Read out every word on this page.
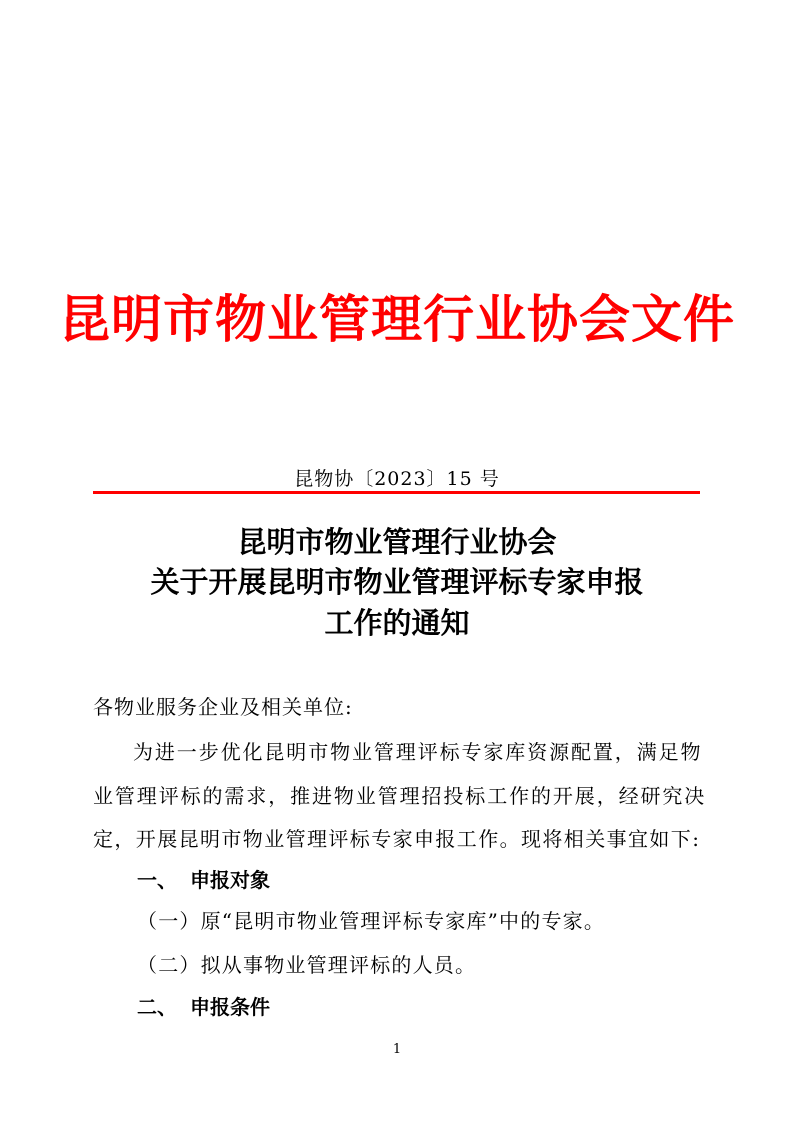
昆明市物业管理行业协会文件
昆物协〔2023〕15 号
昆明市物业管理行业协会
关于开展昆明市物业管理评标专家申报
工作的通知
各物业服务企业及相关单位:
为进一步优化昆明市物业管理评标专家库资源配置，满足物
业管理评标的需求，推进物业管理招投标工作的开展，经研究决
定，开展昆明市物业管理评标专家申报工作。现将相关事宜如下:
一、 申报对象
（一）原“昆明市物业管理评标专家库”中的专家。
（二）拟从事物业管理评标的人员。
二、 申报条件
1
